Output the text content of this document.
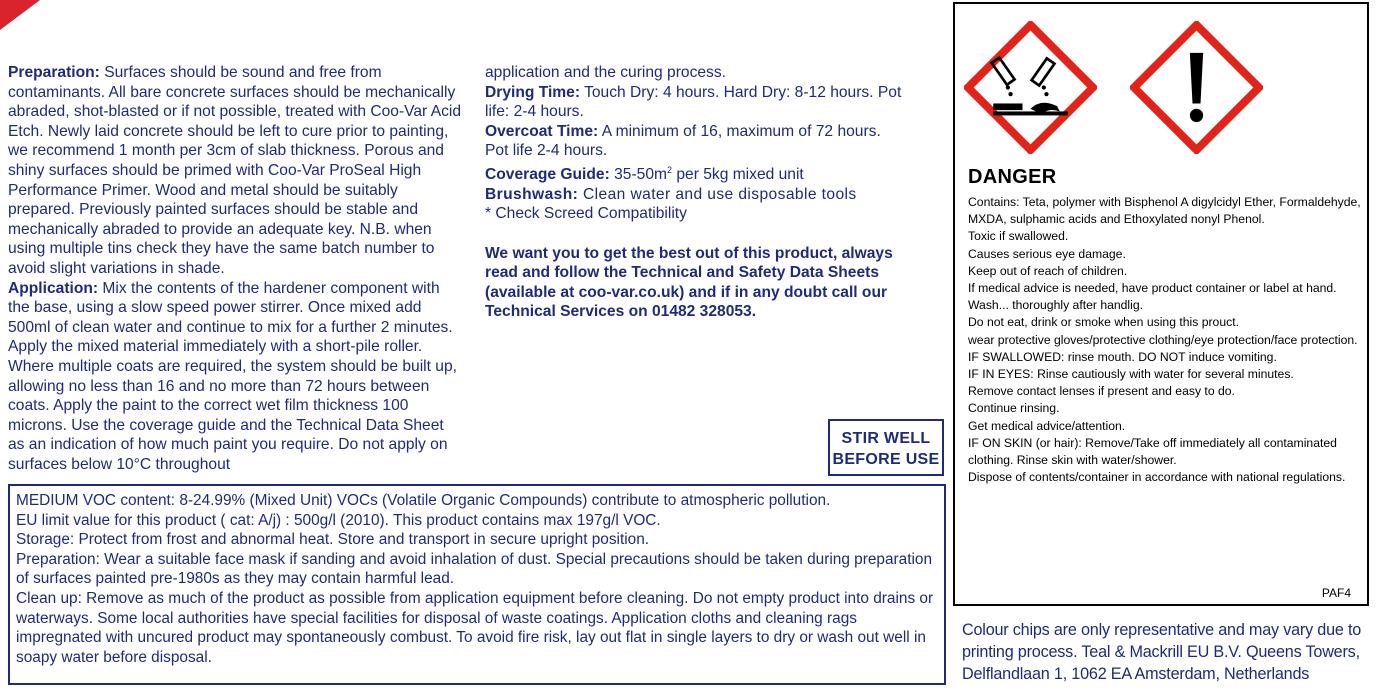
Preparation: Surfaces should be sound and free from contaminants. All bare concrete surfaces should be mechanically abraded, shot-blasted or if not possible, treated with Coo-Var Acid Etch. Newly laid concrete should be left to cure prior to painting, we recommend 1 month per 3cm of slab thickness. Porous and shiny surfaces should be primed with Coo-Var ProSeal High Performance Primer. Wood and metal should be suitably prepared. Previously painted surfaces should be stable and mechanically abraded to provide an adequate key. N.B. when using multiple tins check they have the same batch number to avoid slight variations in shade.

Application: Mix the contents of the hardener component with the base, using a slow speed power stirrer. Once mixed add 500ml of clean water and continue to mix for a further 2 minutes. Apply the mixed material immediately with a short-pile roller. Where multiple coats are required, the system should be built up, allowing no less than 16 and no more than 72 hours between coats. Apply the paint to the correct wet film thickness 100 microns. Use the coverage guide and the Technical Data Sheet as an indication of how much paint you require. Do not apply on surfaces below 10°C throughout

application and the curing process.

Drying Time: Touch Dry: 4 hours. Hard Dry: 8-12 hours. Pot life: 2-4 hours.

Overcoat Time: A minimum of 16, maximum of 72 hours. Pot life 2-4 hours.

Coverage Guide: $35-50m^2$ per 5kg mixed unit

Brushwash: Clean water and use disposable tools

* Check Screed Compatibility

We want you to get the best out of this product, always read and follow the Technical and Safety Data Sheets (available at coo-var.co.uk) and if in any doubt call our Technical Services on 01482 328053.

STIR WELL
BEFORE USE

MEDIUM VOC content: 8-24.99% (Mixed Unit) VOCs (Volatile Organic Compounds) contribute to atmospheric pollution.

EU limit value for this product ( cat: A/j) : 500g/l (2010). This product contains max 197g/l VOC.

Storage: Protect from frost and abnormal heat. Store and transport in secure upright position.

Preparation: Wear a suitable face mask if sanding and avoid inhalation of dust. Special precautions should be taken during preparation of surfaces painted pre-1980s as they may contain harmful lead.

Clean up: Remove as much of the product as possible from application equipment before cleaning. Do not empty product into drains or waterways. Some local authorities have special facilities for disposal of waste coatings. Application cloths and cleaning rags impregnated with uncured product may spontaneously combust. To avoid fire risk, lay out flat in single layers to dry or wash out well in soapy water before disposal.

DANGER
Contains: Teta, polymer with Bisphenol A digylcidyl Ether, Formaldehyde, MXDA, sulphamic acids and Ethoxylated nonyl Phenol.
Toxic if swallowed.
Causes serious eye damage.
Keep out of reach of children.
If medical advice is needed, have product container or label at hand.
Wash... thoroughly after handlig.
Do not eat, drink or smoke when using this prouct.
wear protective gloves/protective clothing/eye protection/face protection.
IF SWALLOWED: rinse mouth. DO NOT induce vomiting.
IF IN EYES: Rinse cautiously with water for several minutes.
Remove contact lenses if present and easy to do.
Continue rinsing.
Get medical advice/attention.
IF ON SKIN (or hair): Remove/Take off immediately all contaminated clothing. Rinse skin with water/shower.
Dispose of contents/container in accordance with national regulations.
PAF4
Colour chips are only representative and may vary due to printing process. Teal & Mackrill EU B.V. Queens Towers, Delflandlaan 1, 1062 EA Amsterdam, Netherlands
